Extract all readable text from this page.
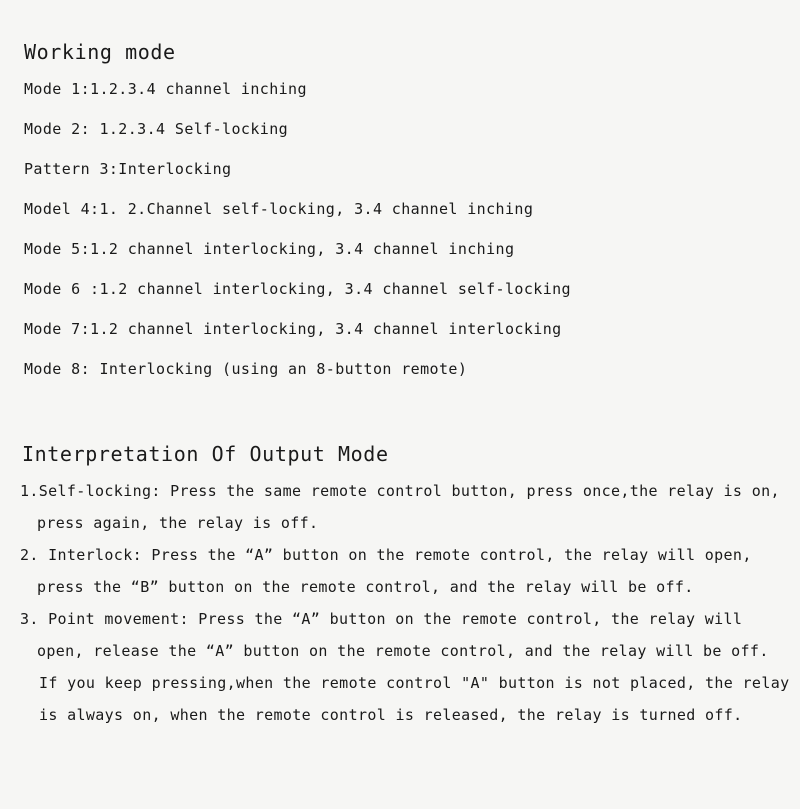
Working mode

Mode 1:1.2.3.4 channel inching

Mode 2: 1.2.3.4 Self-locking

Pattern 3:Interlocking

Model 4:1. 2.Channel self-locking, 3.4 channel inching

Mode 5:1.2 channel interlocking, 3.4 channel inching

Mode 6 :1.2 channel interlocking, 3.4 channel self-locking

Mode 7:1.2 channel interlocking, 3.4 channel interlocking

Mode 8: Interlocking (using an 8-button remote)

Interpretation Of Output Mode

1.Self-locking: Press the same remote control button, press once,the relay is on,

press again, the relay is off.

2. Interlock: Press the “A” button on the remote control, the relay will open,

press the “B” button on the remote control, and the relay will be off.

3. Point movement: Press the “A” button on the remote control, the relay will

open, release the “A” button on the remote control, and the relay will be off.

If you keep pressing,when the remote control "A" button is not placed, the relay

is always on, when the remote control is released, the relay is turned off.
